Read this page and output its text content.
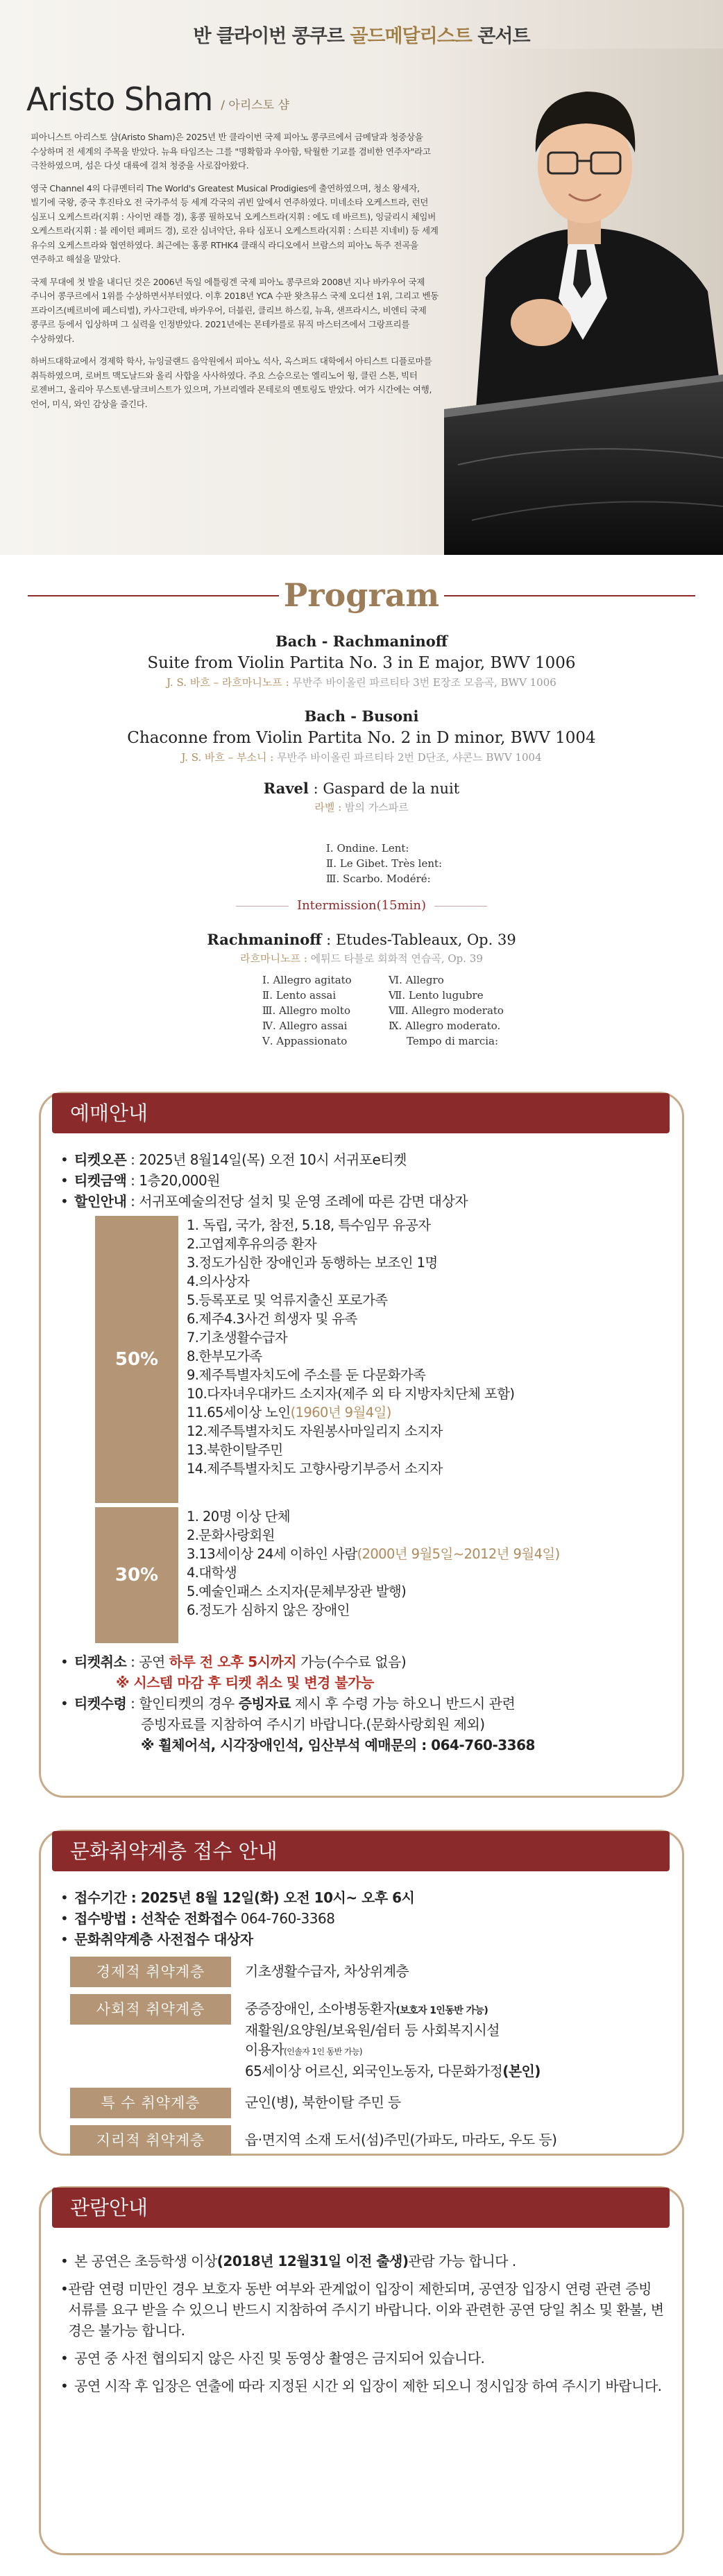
반 클라이번 콩쿠르 골드메달리스트 콘서트
Aristo Sham / 아리스토 샴

피아니스트 아리스토 샴(Aristo Sham)은 2025년 반 클라이번 국제 피아노 콩쿠르에서 금메달과 청중상을 수상하며 전 세계의 주목을 받았다. 뉴욕 타임즈는 그를 "명확함과 우아함, 탁월한 기교를 겸비한 연주자"라고 극찬하였으며, 섬은 다섯 대륙에 걸쳐 청중을 사로잡아왔다.

영국 Channel 4의 다큐멘터리 The World's Greatest Musical Prodigies에 출연하였으며, 청소 왕세자, 빌기에 국왕, 중국 후진타오 전 국가주석 등 세계 각국의 귀빈 앞에서 연주하였다. 미네소타 오케스트라, 런던 심포니 오케스트라(지휘 : 사이먼 래틀 경), 홍콩 필하모닉 오케스트라(지휘 : 에도 데 바르트), 잉글리시 체임버 오케스트라(지휘 : 블 레이턴 페퍼드 경), 로잔 심녀악단, 유타 심포니 오케스트라(지휘 : 스티븐 지네비) 등 세계 유수의 오케스트라와 협연하였다. 최근에는 홍콩 RTHK4 클래식 라디오에서 브람스의 피아노 독주 전곡을 연주하고 해설을 맡았다.

국제 무대에 첫 발을 내디딘 것은 2006년 독일 에틀링겐 국제 피아노 콩쿠르와 2008년 지나 바카우어 국제 주니어 콩쿠르에서 1위를 수상하면서부터였다. 이후 2018년 YCA 수판 왓츠뮤스 국제 오디션 1위, 그리고 벤동 프라이즈(베르비에 페스티벌), 카사그란데, 바카우어, 더블린, 클리브 하스킬, 뉴욕, 샌프라시스, 비엔티 국제 콩쿠르 등에서 입상하며 그 실력을 인정받았다. 2021년에는 몬테카를로 뮤직 마스터즈에서 그랑프리를 수상하였다.

하버드대학교에서 경제학 학사, 뉴잉글랜드 음악원에서 피아노 석사, 옥스퍼드 대학에서 아티스트 디플로마를 취득하였으며, 로버트 맥도날드와 올리 사합을 사사하였다. 주요 스승으로는 엘리노어 웡, 클린 스톤, 빅터 로젠버그, 올리아 무스토넨-달크비스트가 있으며, 가브리엘라 몬테로의 멘토링도 받았다. 여가 시간에는 여행, 언어, 미식, 와인 감상을 즐긴다.

Program
Bach - Rachmaninoff
Suite from Violin Partita No. 3 in E major, BWV 1006
J. S. 바흐 – 라흐마니노프 : 무반주 바이올린 파르티타 3번 E장조 모음곡, BWV 1006
Bach - Busoni
Chaconne from Violin Partita No. 2 in D minor, BWV 1004
J. S. 바흐 – 부소니 : 무반주 바이올린 파르티타 2번 D단조, 샤콘느 BWV 1004
Ravel : Gaspard de la nuit
라벨 : 밤의 가스파르
Ⅰ. Ondine. Lent:
Ⅱ. Le Gibet. Très lent:
Ⅲ. Scarbo. Modéré:
Intermission(15min)
Rachmaninoff : Etudes-Tableaux, Op. 39
라흐마니노프 : 에튀드 타블로 회화적 연습곡, Op. 39
Ⅰ. Allegro agitato
Ⅱ. Lento assai
Ⅲ. Allegro molto
Ⅳ. Allegro assai
Ⅴ. Appassionato
Ⅵ. Allegro
Ⅶ. Lento lugubre
Ⅷ. Allegro moderato
Ⅸ. Allegro moderato.
Tempo di marcia:
예매안내
• 티켓오픈 : 2025년 8월14일(목) 오전 10시 서귀포e티켓
• 티켓금액 : 1층20,000원
• 할인안내 : 서귀포예술의전당 설치 및 운영 조례에 따른 감면 대상자
50%
1. 독립, 국가, 참전, 5.18, 특수임무 유공자
2.고엽제후유의증 환자
3.정도가심한 장애인과 동행하는 보조인 1명
4.의사상자
5.등록포로 및 억류지출신 포로가족
6.제주4.3사건 희생자 및 유족
7.기초생활수급자
8.한부모가족
9.제주특별자치도에 주소를 둔 다문화가족
10.다자녀우대카드 소지자(제주 외 타 지방자치단체 포함)
11.65세이상 노인(1960년 9월4일)
12.제주특별자치도 자원봉사마일리지 소지자
13.북한이탈주민
14.제주특별자치도 고향사랑기부증서 소지자
30%
1. 20명 이상 단체
2.문화사랑회원
3.13세이상 24세 이하인 사람(2000년 9월5일~2012년 9월4일)
4.대학생
5.예술인패스 소지자(문체부장관 발행)
6.정도가 심하지 않은 장애인
• 티켓취소 : 공연 하루 전 오후 5시까지 가능(수수료 없음)
※ 시스템 마감 후 티켓 취소 및 변경 불가능
• 티켓수령 : 할인티켓의 경우 증빙자료 제시 후 수령 가능 하오니 반드시 관련
증빙자료를 지참하여 주시기 바랍니다.(문화사랑회원 제외)
※ 휠체어석, 시각장애인석, 임산부석 예매문의 : 064-760-3368
문화취약계층 접수 안내
• 접수기간 : 2025년 8월 12일(화) 오전 10시~ 오후 6시
• 접수방법 : 선착순 전화접수 064-760-3368
• 문화취약계층 사전접수 대상자
경제적 취약계층	기초생활수급자, 차상위계층
사회적 취약계층	중증장애인, 소아병동환자(보호자 1인동반 가능)
재활원/요양원/보육원/쉼터 등 사회복지시설
이용자(인솔자 1인 동반 가능)
65세이상 어르신, 외국인노동자, 다문화가정(본인)
특 수 취약계층	군인(병), 북한이탈 주민 등
지리적 취약계층	읍·면지역 소재 도서(섬)주민(가파도, 마라도, 우도 등)
관람안내
• 본 공연은 초등학생 이상(2018년 12월31일 이전 출생)관람 가능 합니다 .
• 관람 연령 미만인 경우 보호자 동반 여부와 관계없이 입장이 제한되며, 공연장 입장시 연령 관련 증빙서류를 요구 받을 수 있으니 반드시 지참하여 주시기 바랍니다. 이와 관련한 공연 당일 취소 및 환불, 변경은 불가능 합니다.
• 공연 중 사전 협의되지 않은 사진 및 동영상 촬영은 금지되어 있습니다.
• 공연 시작 후 입장은 연출에 따라 지정된 시간 외 입장이 제한 되오니 정시입장 하여 주시기 바랍니다.
